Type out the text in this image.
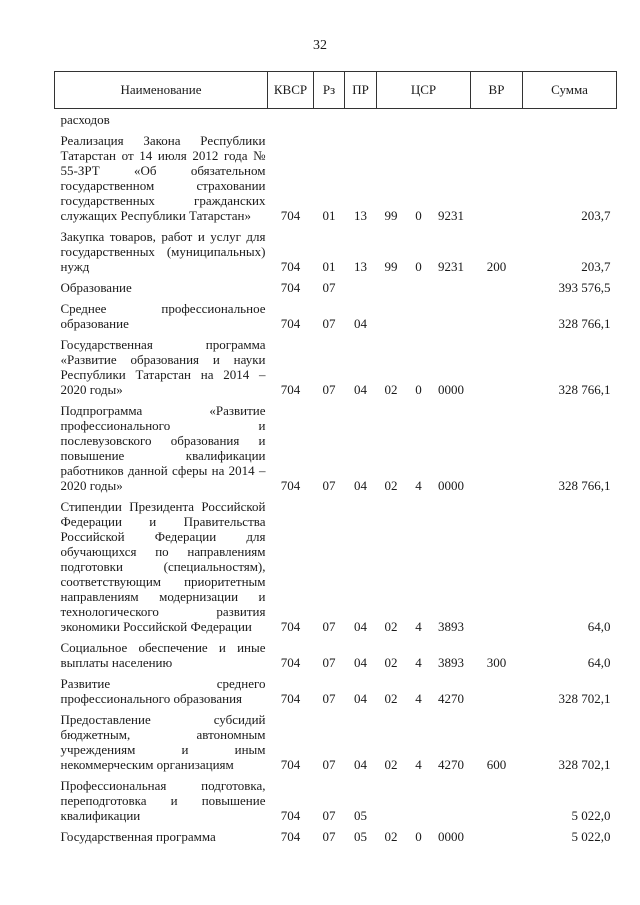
32
Наименование	КВСР	Рз	ПР	ЦСР			ВР	Сумма
расходов								
Реализация Закона Республики Татарстан от 14 июля 2012 года № 55-ЗРТ «Об обязательном государственном страховании государственных гражданских служащих Республики Татарстан»	704	01	13	99	0	9231		203,7
Закупка товаров, работ и услуг для государственных (муниципальных) нужд	704	01	13	99	0	9231	200	203,7
Образование	704	07						393 576,5
Среднее профессиональное образование	704	07	04					328 766,1
Государственная программа «Развитие образования и науки Республики Татарстан на 2014 – 2020 годы»	704	07	04	02	0	0000		328 766,1
Подпрограмма «Развитие профессионального и послевузовского образования и повышение квалификации работников данной сферы на 2014 – 2020 годы»	704	07	04	02	4	0000		328 766,1
Стипендии Президента Российской Федерации и Правительства Российской Федерации для обучающихся по направлениям подготовки (специальностям), соответствующим приоритетным направлениям модернизации и технологического развития экономики Российской Федерации	704	07	04	02	4	3893		64,0
Социальное обеспечение и иные выплаты населению	704	07	04	02	4	3893	300	64,0
Развитие среднего профессионального образования	704	07	04	02	4	4270		328 702,1
Предоставление субсидий бюджетным, автономным учреждениям и иным некоммерческим организациям	704	07	04	02	4	4270	600	328 702,1
Профессиональная подготовка, переподготовка и повышение квалификации	704	07	05					5 022,0
Государственная программа	704	07	05	02	0	0000		5 022,0
